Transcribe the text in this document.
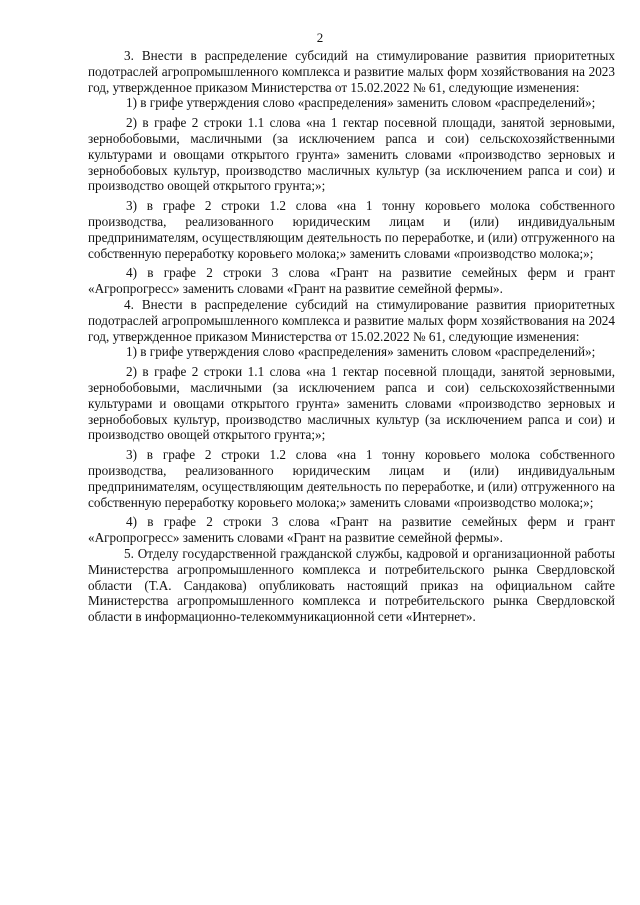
2

3. Внести в распределение субсидий на стимулирование развития приоритетных подотраслей агропромышленного комплекса и развитие малых форм хозяйствования на 2023 год, утвержденное приказом Министерства от 15.02.2022 № 61, следующие изменения:

1) в грифе утверждения слово «распределения» заменить словом «распределений»;

2) в графе 2 строки 1.1 слова «на 1 гектар посевной площади, занятой зерновыми, зернобобовыми, масличными (за исключением рапса и сои) сельскохозяйственными культурами и овощами открытого грунта» заменить словами «производство зерновых и зернобобовых культур, производство масличных культур (за исключением рапса и сои) и производство овощей открытого грунта;»;

3) в графе 2 строки 1.2 слова «на 1 тонну коровьего молока собственного производства, реализованного юридическим лицам и (или) индивидуальным предпринимателям, осуществляющим деятельность по переработке, и (или) отгруженного на собственную переработку коровьего молока;» заменить словами «производство молока;»;

4) в графе 2 строки 3 слова «Грант на развитие семейных ферм и грант «Агропрогресс» заменить словами «Грант на развитие семейной фермы».

4. Внести в распределение субсидий на стимулирование развития приоритетных подотраслей агропромышленного комплекса и развитие малых форм хозяйствования на 2024 год, утвержденное приказом Министерства от 15.02.2022 № 61, следующие изменения:

1) в грифе утверждения слово «распределения» заменить словом «распределений»;

2) в графе 2 строки 1.1 слова «на 1 гектар посевной площади, занятой зерновыми, зернобобовыми, масличными (за исключением рапса и сои) сельскохозяйственными культурами и овощами открытого грунта» заменить словами «производство зерновых и зернобобовых культур, производство масличных культур (за исключением рапса и сои) и производство овощей открытого грунта;»;

3) в графе 2 строки 1.2 слова «на 1 тонну коровьего молока собственного производства, реализованного юридическим лицам и (или) индивидуальным предпринимателям, осуществляющим деятельность по переработке, и (или) отгруженного на собственную переработку коровьего молока;» заменить словами «производство молока;»;

4) в графе 2 строки 3 слова «Грант на развитие семейных ферм и грант «Агропрогресс» заменить словами «Грант на развитие семейной фермы».

5. Отделу государственной гражданской службы, кадровой и организационной работы Министерства агропромышленного комплекса и потребительского рынка Свердловской области (Т.А. Сандакова) опубликовать настоящий приказ на официальном сайте Министерства агропромышленного комплекса и потребительского рынка Свердловской области в информационно-телекоммуникационной сети «Интернет».
